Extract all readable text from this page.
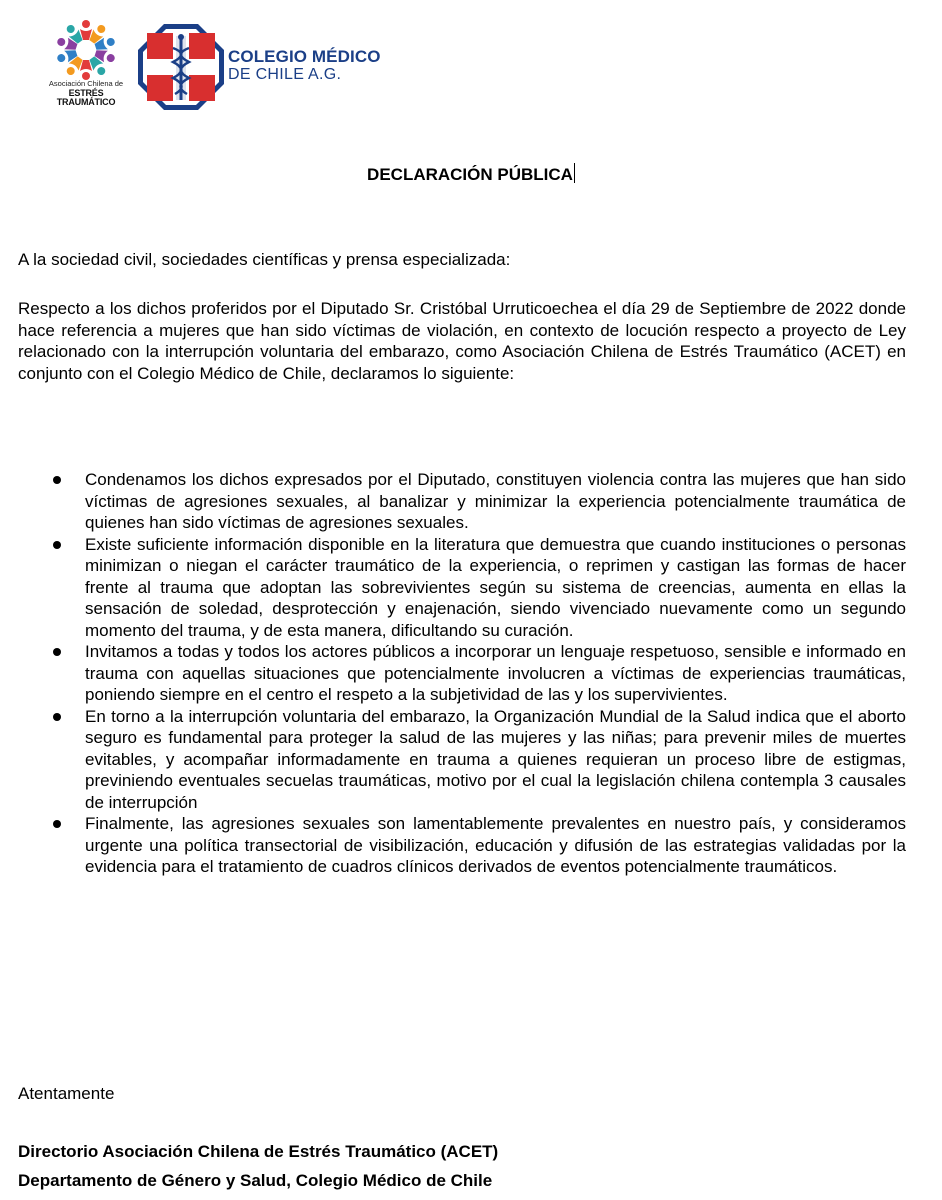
Asociación Chilena de
ESTRÉS TRAUMÁTICO
COLEGIO MÉDICO
DE CHILE A.G.
DECLARACIÓN PÚBLICA
A la sociedad civil, sociedades científicas y prensa especializada:
Respecto a los dichos proferidos por el Diputado Sr. Cristóbal Urruticoechea el día 29 de Septiembre de 2022 donde hace referencia a mujeres que han sido víctimas de violación, en contexto de locución respecto a proyecto de Ley relacionado con la interrupción voluntaria del embarazo, como Asociación Chilena de Estrés Traumático (ACET) en conjunto con el Colegio Médico de Chile, declaramos lo siguiente:
Condenamos los dichos expresados por el Diputado, constituyen violencia contra las mujeres que han sido víctimas de agresiones sexuales, al banalizar y minimizar la experiencia potencialmente traumática de quienes han sido víctimas de agresiones sexuales.
Existe suficiente información disponible en la literatura que demuestra que cuando instituciones o personas minimizan o niegan el carácter traumático de la experiencia, o reprimen y castigan las formas de hacer frente al trauma que adoptan las sobrevivientes según su sistema de creencias, aumenta en ellas la sensación de soledad, desprotección y enajenación, siendo vivenciado nuevamente como un segundo momento del trauma, y de esta manera, dificultando su curación.
Invitamos a todas y todos los actores públicos a incorporar un lenguaje respetuoso, sensible e informado en trauma con aquellas situaciones que potencialmente involucren a víctimas de experiencias traumáticas, poniendo siempre en el centro el respeto a la subjetividad de las y los supervivientes.
En torno a la interrupción voluntaria del embarazo, la Organización Mundial de la Salud indica que el aborto seguro es fundamental para proteger la salud de las mujeres y las niñas; para prevenir miles de muertes evitables, y acompañar informadamente en trauma a quienes requieran un proceso libre de estigmas, previniendo eventuales secuelas traumáticas, motivo por el cual la legislación chilena contempla 3 causales de interrupción
Finalmente, las agresiones sexuales son lamentablemente prevalentes en nuestro país, y consideramos urgente una política transectorial de visibilización, educación y difusión de las estrategias validadas por la evidencia para el tratamiento de cuadros clínicos derivados de eventos potencialmente traumáticos.
Atentamente
Directorio Asociación Chilena de Estrés Traumático (ACET)
Departamento de Género y Salud, Colegio Médico de Chile
